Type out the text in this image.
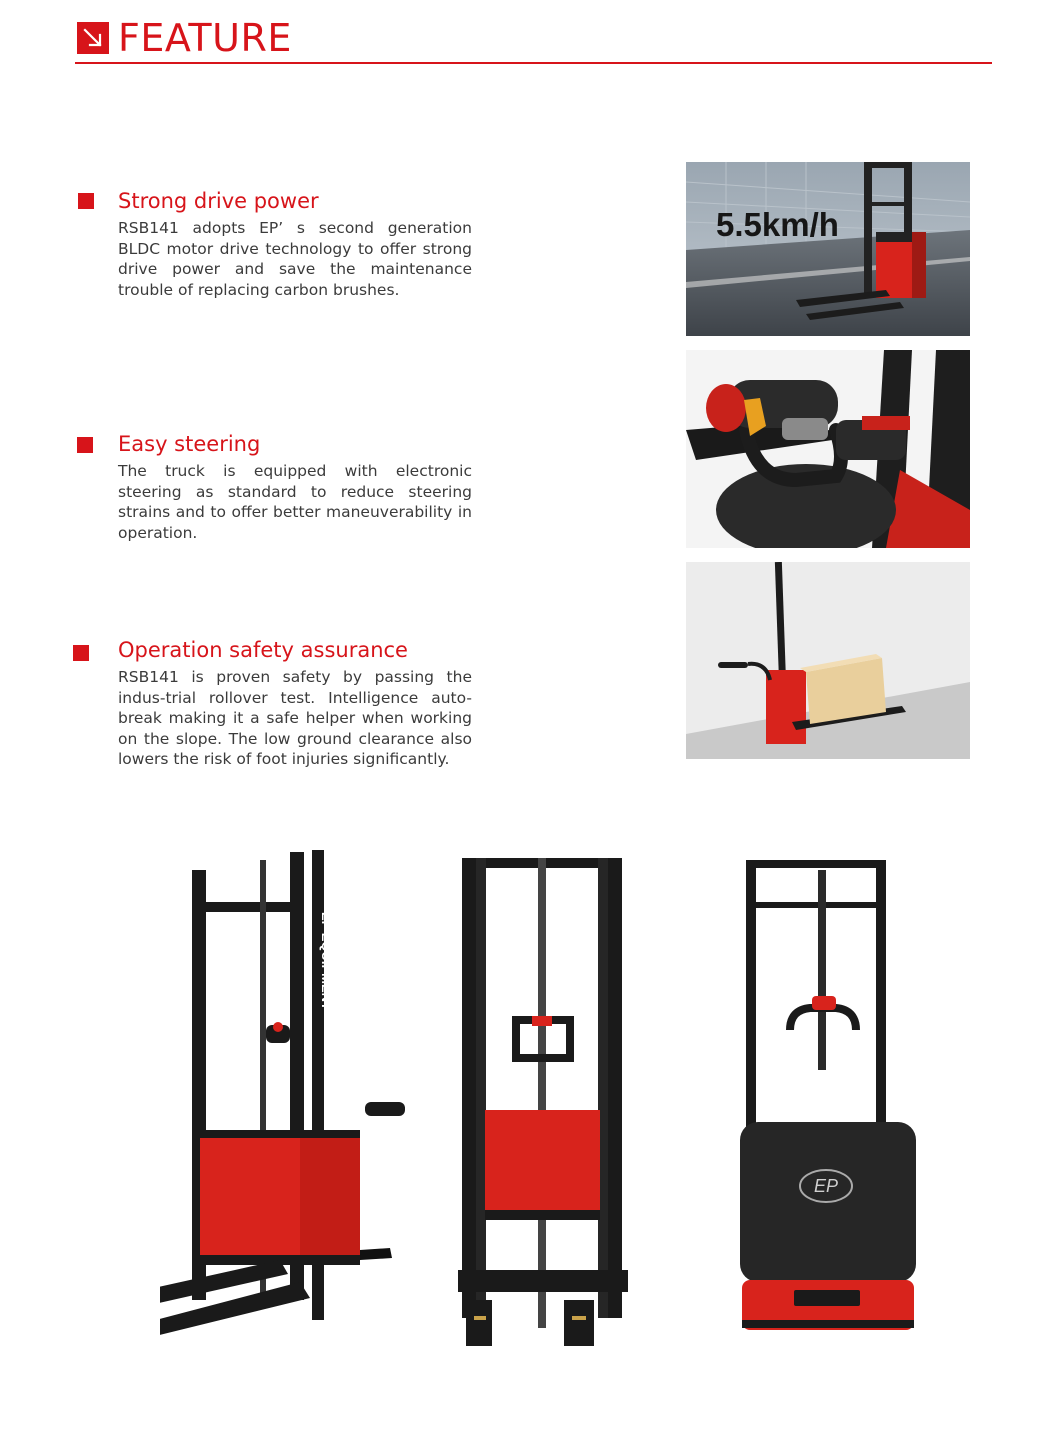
FEATURE
Strong drive power
RSB141 adopts EP’ s second generation BLDC motor drive technology to offer strong drive power and save the maintenance trouble of replacing carbon brushes.
Easy steering
The truck is equipped with electronic steering as standard to reduce steering strains and to offer better maneuverability in operation.
Operation safety assurance
RSB141 is proven safety by passing the indus-trial rollover test. Intelligence auto-break making it a safe helper when working on the slope. The low ground clearance also lowers the risk of foot injuries significantly.
5.5km/h
EP EQUIPMENT
EP
